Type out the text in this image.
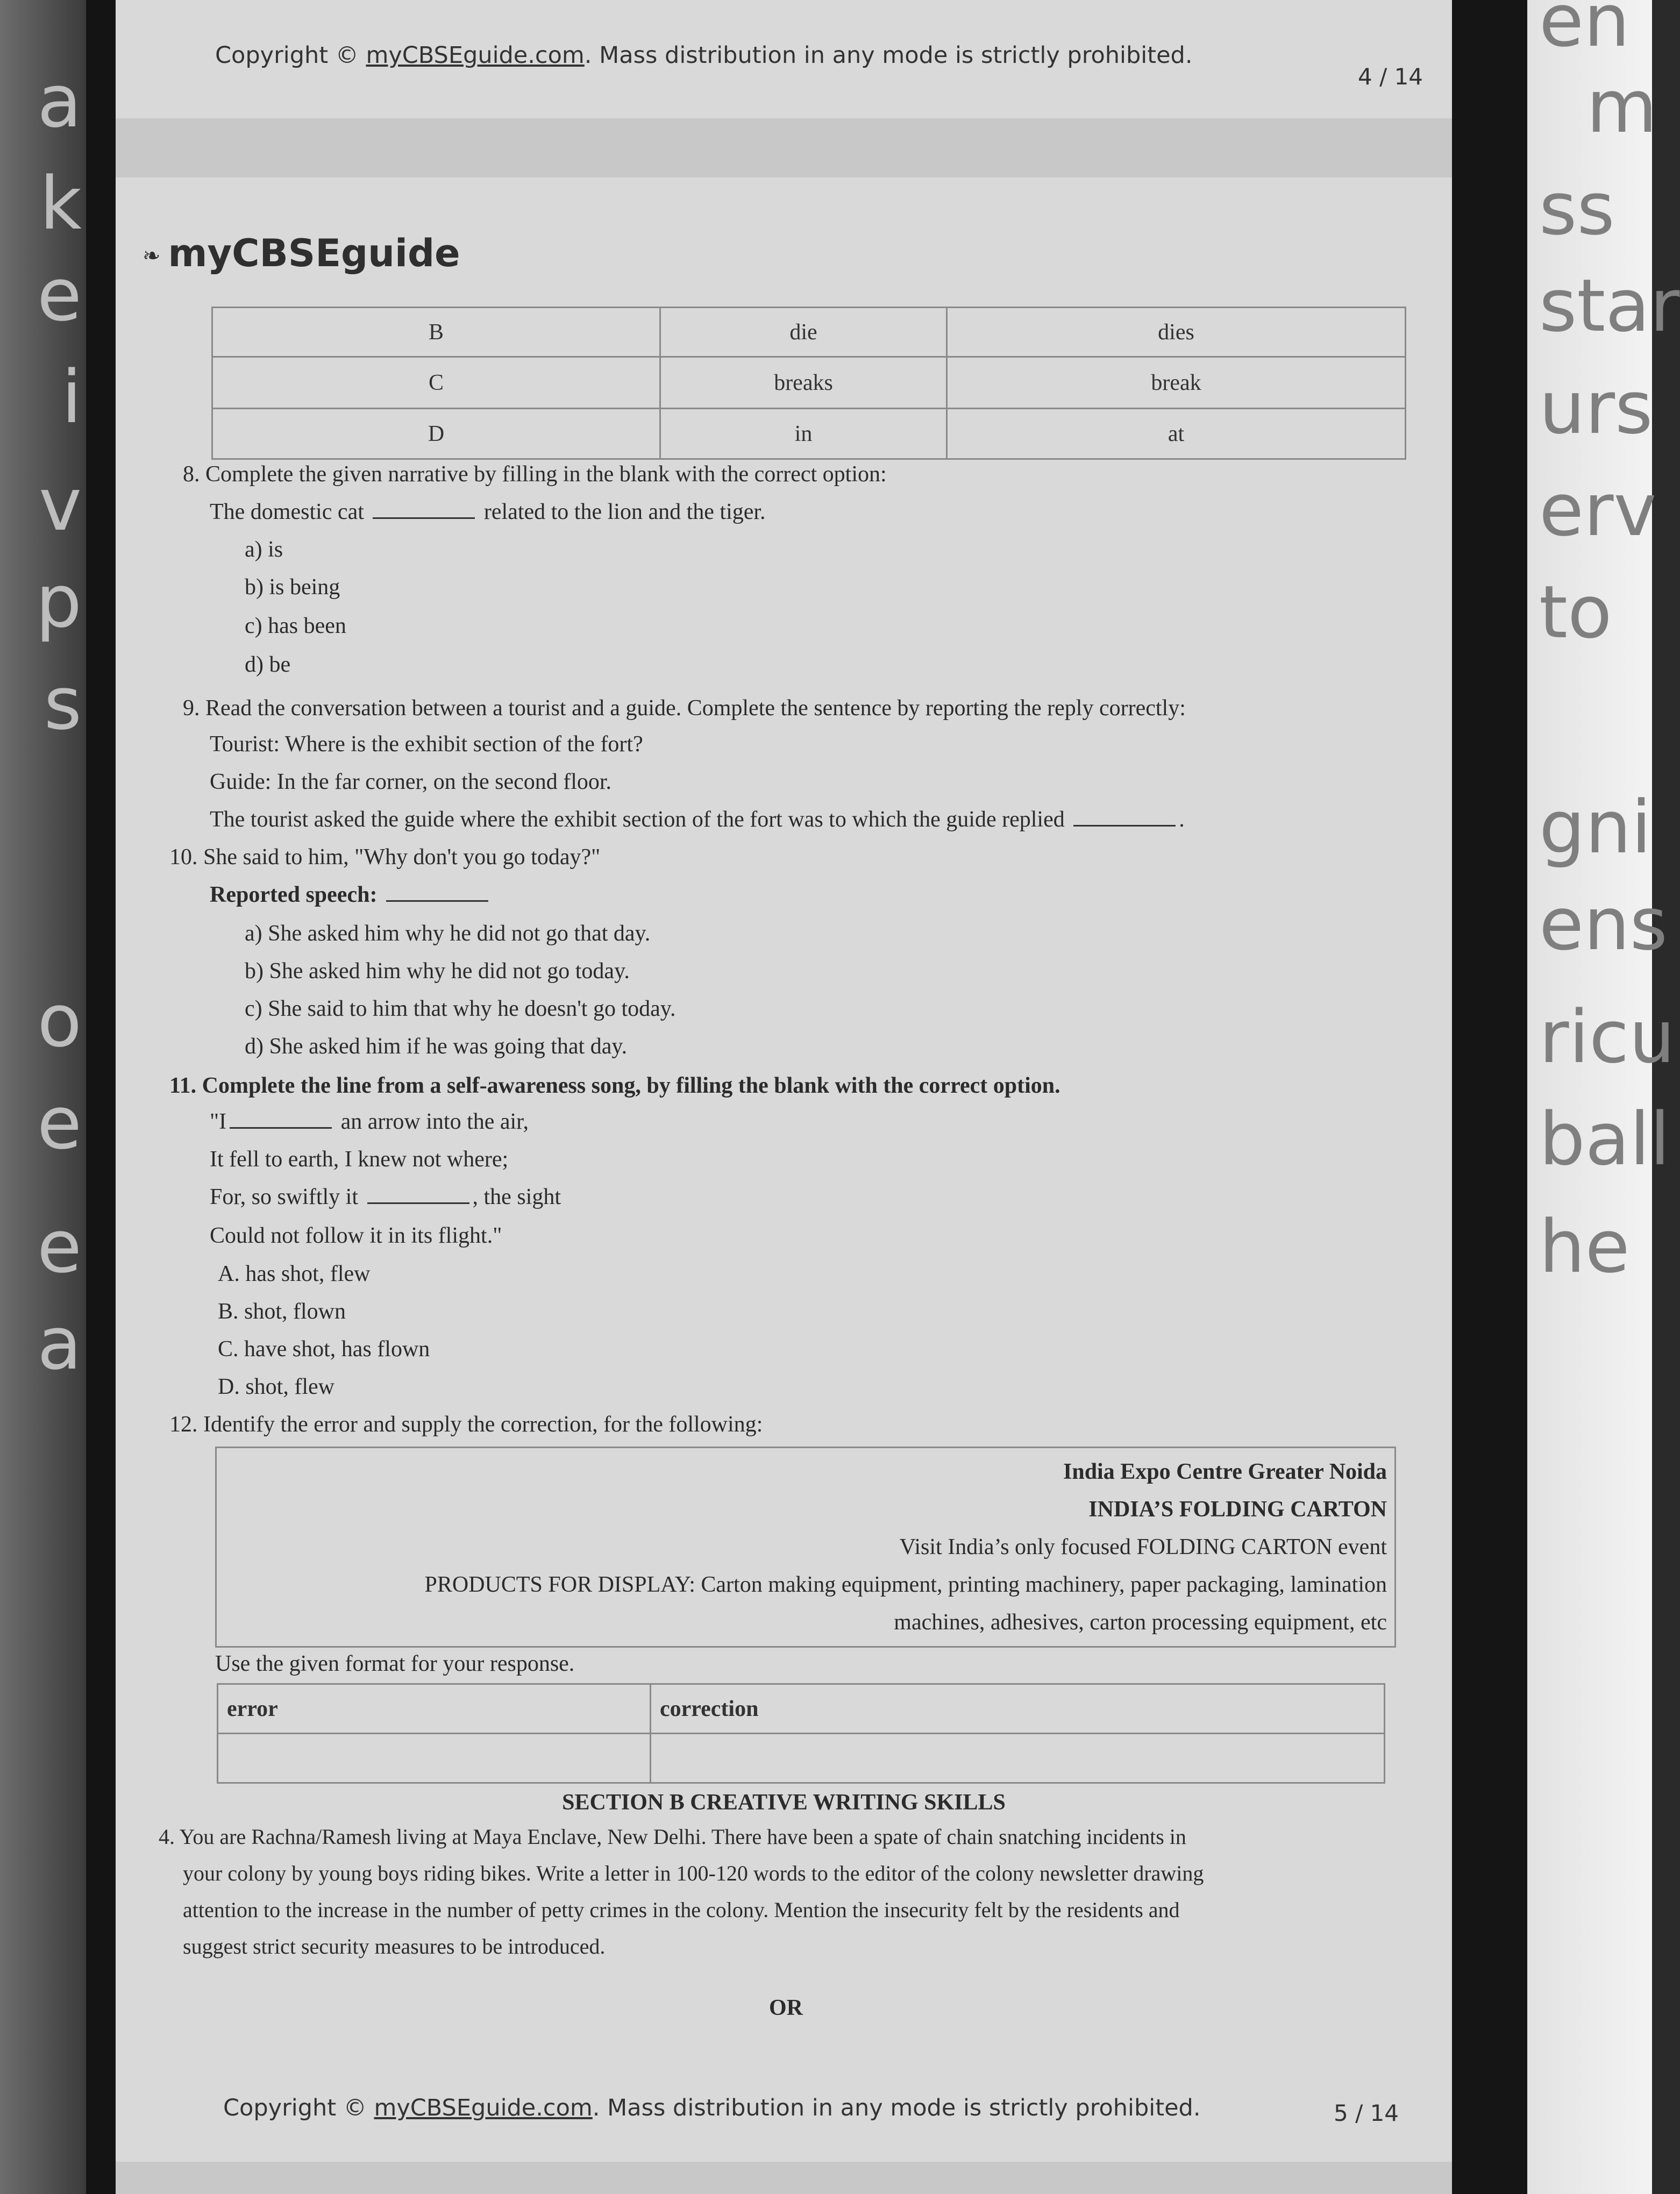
a
k
e
i
v
p
s
o
e
e
a
en
m
ss
star
urs
erv
to
gni
ens
ricu
ball
he
Copyright © myCBSEguide.com. Mass distribution in any mode is strictly prohibited.
4 / 14
❧ myCBSEguide
B	die	dies
C	breaks	break
D	in	at
8. Complete the given narrative by filling in the blank with the correct option:
The domestic cat	related to the lion and the tiger.
a) is
b) is being
c) has been
d) be
9. Read the conversation between a tourist and a guide. Complete the sentence by reporting the reply correctly:
Tourist: Where is the exhibit section of the fort?
Guide: In the far corner, on the second floor.
The tourist asked the guide where the exhibit section of the fort was to which the guide replied	.
10. She said to him, "Why don't you go today?"
Reported speech:
a) She asked him why he did not go that day.
b) She asked him why he did not go today.
c) She said to him that why he doesn't go today.
d) She asked him if he was going that day.
11. Complete the line from a self-awareness song, by filling the blank with the correct option.
"I	an arrow into the air,
It fell to earth, I knew not where;
For, so swiftly it	, the sight
Could not follow it in its flight."
A. has shot, flew
B. shot, flown
C. have shot, has flown
D. shot, flew
12. Identify the error and supply the correction, for the following:
India Expo Centre Greater Noida
INDIA’S FOLDING CARTON
Visit India’s only focused FOLDING CARTON event
PRODUCTS FOR DISPLAY: Carton making equipment, printing machinery, paper packaging, lamination
machines, adhesives, carton processing equipment, etc
Use the given format for your response.
error	correction

SECTION B CREATIVE WRITING SKILLS
4. You are Rachna/Ramesh living at Maya Enclave, New Delhi. There have been a spate of chain snatching incidents in
your colony by young boys riding bikes. Write a letter in 100-120 words to the editor of the colony newsletter drawing
attention to the increase in the number of petty crimes in the colony. Mention the insecurity felt by the residents and
suggest strict security measures to be introduced.
OR
Copyright © myCBSEguide.com. Mass distribution in any mode is strictly prohibited.	5 / 14
